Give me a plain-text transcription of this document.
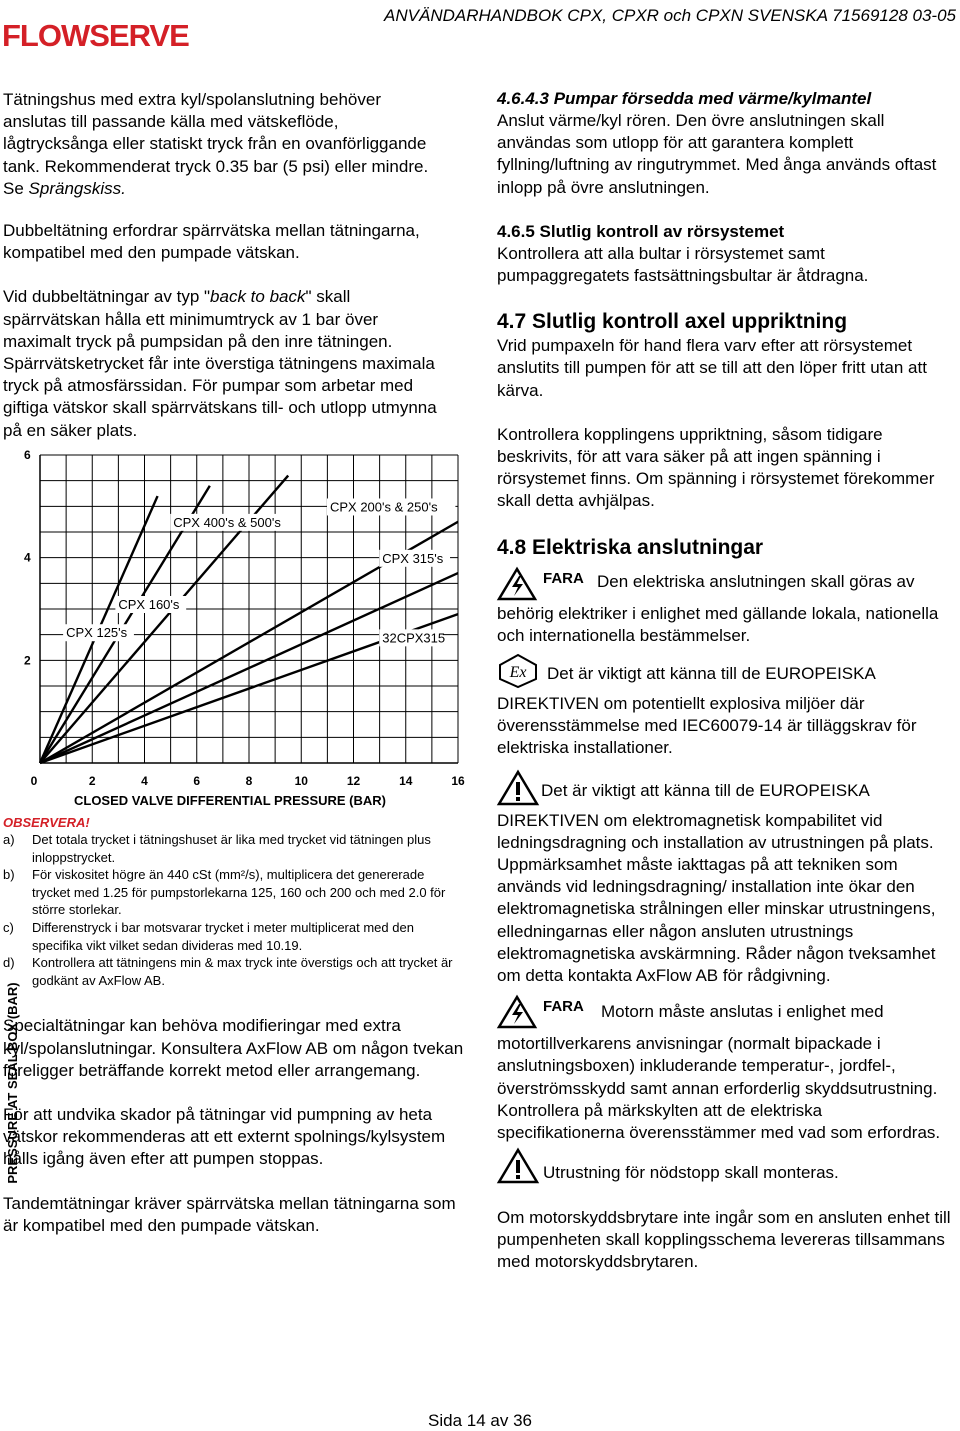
FLOWSERVE
ANVÄNDARHANDBOK CPX, CPXR och CPXN SVENSKA 71569128 03-05

Tätningshus med extra kyl/spolanslutning behöver anslutas till passande källa med vätskeflöde, lågtrycksånga eller statiskt tryck från en ovanförliggande tank. Rekommenderat tryck 0.35 bar (5 psi) eller mindre. Se Sprängskiss.

Dubbeltätning erfordrar spärrvätska mellan tätningarna, kompatibel med den pumpade vätskan.

Vid dubbeltätningar av typ "back to back" skall spärrvätskan hålla ett minimumtryck av 1 bar över maximalt tryck på pumpsidan på den inre tätningen. Spärrvätsketrycket får inte överstiga tätningens maximala tryck på atmosfärssidan. För pumpar som arbetar med giftiga vätskor skall spärrvätskans till- och utlopp utmynna på en säker plats.

CPX 125's
CPX 160's
CPX 400's & 500's
CPX 200's & 250's
CPX 315's
32CPX315
0	2	4	6	8	10	12	14	16
2
4
6
CLOSED VALVE DIFFERENTIAL PRESSURE (BAR)
PRESSURE AT SEAL BOX (BAR)
OBSERVERA!
a)	Det totala trycket i tätningshuset är lika med trycket vid tätningen plus inloppstrycket.
b)	För viskositet högre än 440 cSt (mm²/s), multiplicera det genererade trycket med 1.25 för pumpstorlekarna 125, 160 och 200 och med 2.0 för större storlekar.
c)	Differenstryck i bar motsvarar trycket i meter multiplicerat med den specifika vikt vilket sedan divideras med 10.19.
d)	Kontrollera att tätningens min & max tryck inte överstigs och att trycket är godkänt av AxFlow AB.

Specialtätningar kan behöva modifieringar med extra kyl/spolanslutningar. Konsultera AxFlow AB om någon tvekan föreligger beträffande korrekt metod eller arrangemang.

För att undvika skador på tätningar vid pumpning av heta vätskor rekommenderas att ett externt spolnings/kylsystem hålls igång även efter att pumpen stoppas.

Tandemtätningar kräver spärrvätska mellan tätningarna som är kompatibel med den pumpade vätskan.

4.6.4.3 Pumpar försedda med värme/kylmantel

Anslut värme/kyl rören. Den övre anslutningen skall användas som utlopp för att garantera komplett fyllning/luftning av ringutrymmet. Med ånga används oftast inlopp på övre anslutningen.

4.6.5 Slutlig kontroll av rörsystemet

Kontrollera att alla bultar i rörsystemet samt pumpaggregatets fastsättningsbultar är åtdragna.

4.7 Slutlig kontroll axel uppriktning

Vrid pumpaxeln för hand flera varv efter att rörsystemet anslutits till pumpen för att se till att den löper fritt utan att kärva.

Kontrollera kopplingens uppriktning, såsom tidigare beskrivits, för att vara säker på att ingen spänning i rörsystemet finns. Om spänning i rörsystemet förekommer skall detta avhjälpas.

4.8 Elektriska anslutningar

FARA Den elektriska anslutningen skall göras av behörig elektriker i enlighet med gällande lokala, nationella och internationella bestämmelser.

Ex Det är viktigt att känna till de EUROPEISKA DIREKTIVEN om potentiellt explosiva miljöer där överensstämmelse med IEC60079-14 är tilläggskrav för elektriska installationer.

Det är viktigt att känna till de EUROPEISKA DIREKTIVEN om elektromagnetisk kompabilitet vid ledningsdragning och installation av utrustningen på plats. Uppmärksamhet måste iakttagas på att tekniken som används vid ledningsdragning/ installation inte ökar den elektromagnetiska strålningen eller minskar utrustningens, elledningarnas eller någon ansluten utrustnings elektromagnetiska avskärmning. Råder någon tveksamhet om detta kontakta AxFlow AB för rådgivning.

FARA Motorn måste anslutas i enlighet med motortillverkarens anvisningar (normalt bipackade i anslutningsboxen) inkluderande temperatur-, jordfel-, överströmsskydd samt annan erforderlig skyddsutrustning. Kontrollera på märkskylten att de elektriska specifikationerna överensstämmer med vad som erfordras.

Utrustning för nödstopp skall monteras.

Om motorskyddsbrytare inte ingår som en ansluten enhet till pumpenheten skall kopplingsschema levereras tillsammans med motorskyddsbrytaren.

Sida 14 av 36
